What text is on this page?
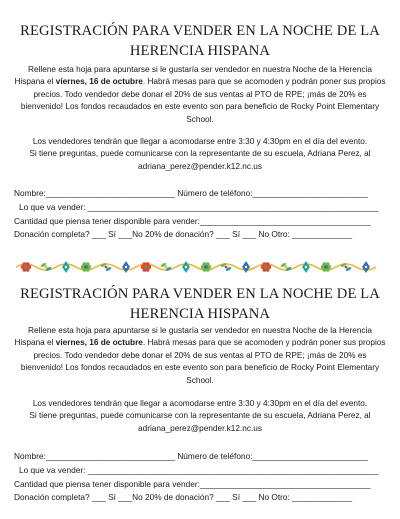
REGISTRACIÓN PARA VENDER EN LA NOCHE DE LA

HERENCIA HISPANA

Rellene esta hoja para apuntarse si le gustaría ser vendedor en nuestra Noche de la Herencia Hispana el viernes, 16 de octubre. Habrá mesas para que se acomoden y podrán poner sus propios precios. Todo vendedor debe donar el 20% de sus ventas al PTO de RPE; ¡más de 20% es bienvenido! Los fondos recaudados en este evento son para beneficio de Rocky Point Elementary School.

Los vendedores tendrán que llegar a acomodarse entre 3:30 y 4:30pm en el día del evento.
Si tiene preguntas, puede comunicarse con la representante de su escuela, Adriana Perez, al
adriana_perez@pender.k12.nc.us
Nombre:____________________________ Número de teléfono:_________________________
Lo que va vender: _______________________________________________________________
Cantidad que piensa tener disponible para vender:_____________________________________
Donación completa? ___ Sí ___No 20% de donación? ___ Sí ___ No Otro: _____________

REGISTRACIÓN PARA VENDER EN LA NOCHE DE LA

HERENCIA HISPANA

Rellene esta hoja para apuntarse si le gustaría ser vendedor en nuestra Noche de la Herencia Hispana el viernes, 16 de octubre. Habrá mesas para que se acomoden y podrán poner sus propios precios. Todo vendedor debe donar el 20% de sus ventas al PTO de RPE; ¡más de 20% es bienvenido! Los fondos recaudados en este evento son para beneficio de Rocky Point Elementary School.

Los vendedores tendrán que llegar a acomodarse entre 3:30 y 4:30pm en el día del evento.
Si tiene preguntas, puede comunicarse con la representante de su escuela, Adriana Perez, al
adriana_perez@pender.k12.nc.us
Nombre:____________________________ Número de teléfono:_________________________
Lo que va vender: _______________________________________________________________
Cantidad que piensa tener disponible para vender:_____________________________________
Donación completa? ___ Sí ___No 20% de donación? ___ Sí ___ No Otro: _____________
